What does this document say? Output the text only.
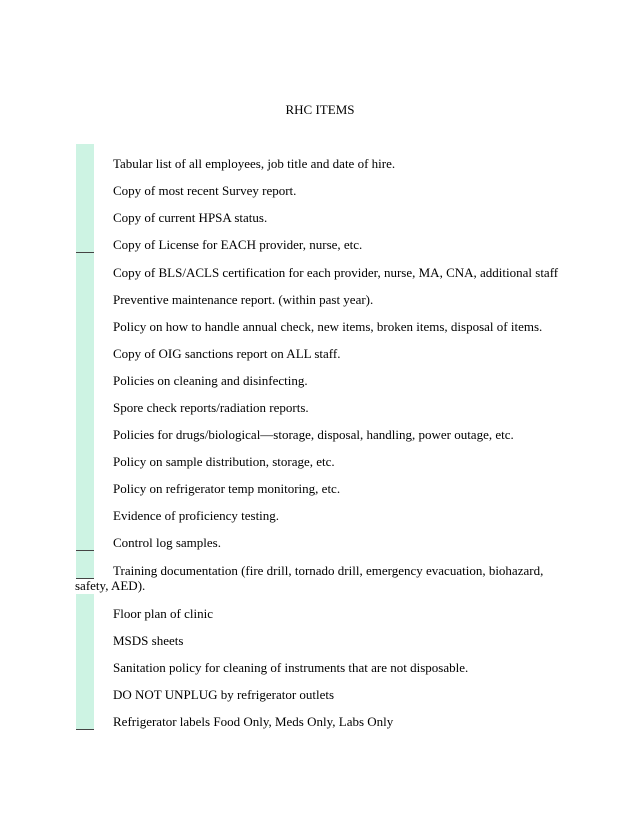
RHC ITEMS
Tabular list of all employees, job title and date of hire.
Copy of most recent Survey report.
Copy of current HPSA status.
Copy of License for EACH provider, nurse, etc.
Copy of BLS/ACLS certification for each provider, nurse, MA, CNA, additional staff
Preventive maintenance report. (within past year).
Policy on how to handle annual check, new items, broken items, disposal of items.
Copy of OIG sanctions report on ALL staff.
Policies on cleaning and disinfecting.
Spore check reports/radiation reports.
Policies for drugs/biological—storage, disposal, handling, power outage, etc.
Policy on sample distribution, storage, etc.
Policy on refrigerator temp monitoring, etc.
Evidence of proficiency testing.
Control log samples.
Training documentation (fire drill, tornado drill, emergency evacuation, biohazard,
safety, AED).
Floor plan of clinic
MSDS sheets
Sanitation policy for cleaning of instruments that are not disposable.
DO NOT UNPLUG by refrigerator outlets
Refrigerator labels Food Only, Meds Only, Labs Only
